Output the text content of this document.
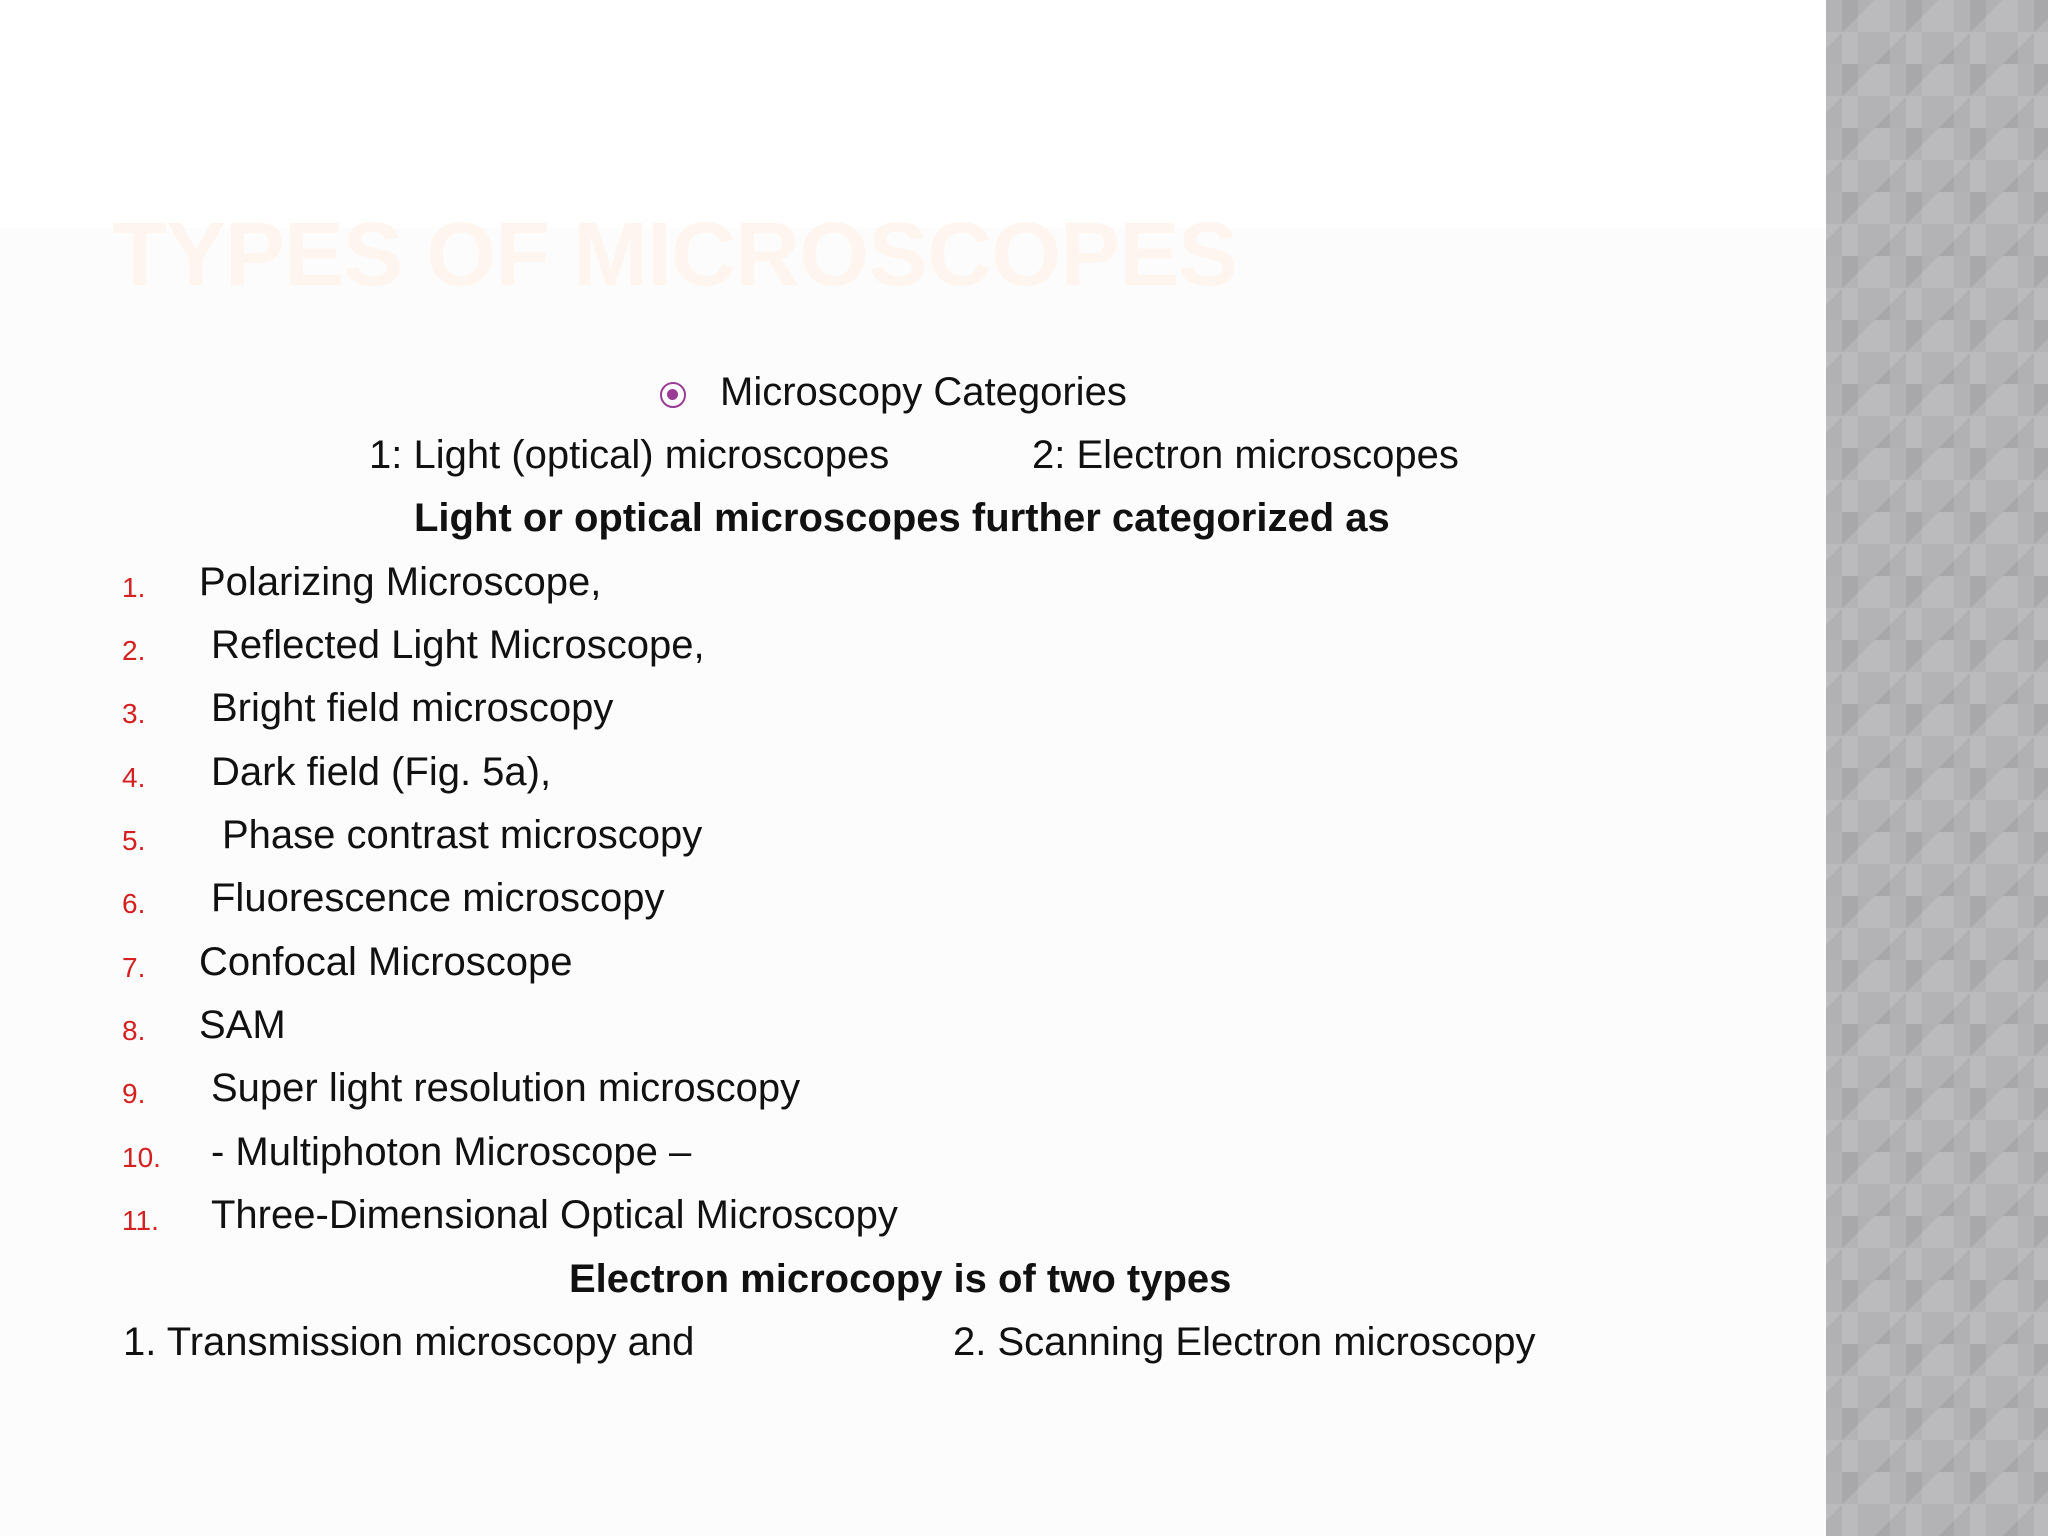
TYPES OF MICROSCOPES
Microscopy Categories
1: Light (optical) microscopes	2: Electron microscopes
Light or optical microscopes further categorized as
1. Polarizing Microscope,
2. Reflected Light Microscope,
3. Bright field microscopy
4. Dark field (Fig. 5a),
5. Phase contrast microscopy
6. Fluorescence microscopy
7. Confocal Microscope
8. SAM
9. Super light resolution microscopy
10. - Multiphoton Microscope –
11. Three-Dimensional Optical Microscopy
Electron microcopy is of two types
1. Transmission microscopy and	2. Scanning Electron microscopy
